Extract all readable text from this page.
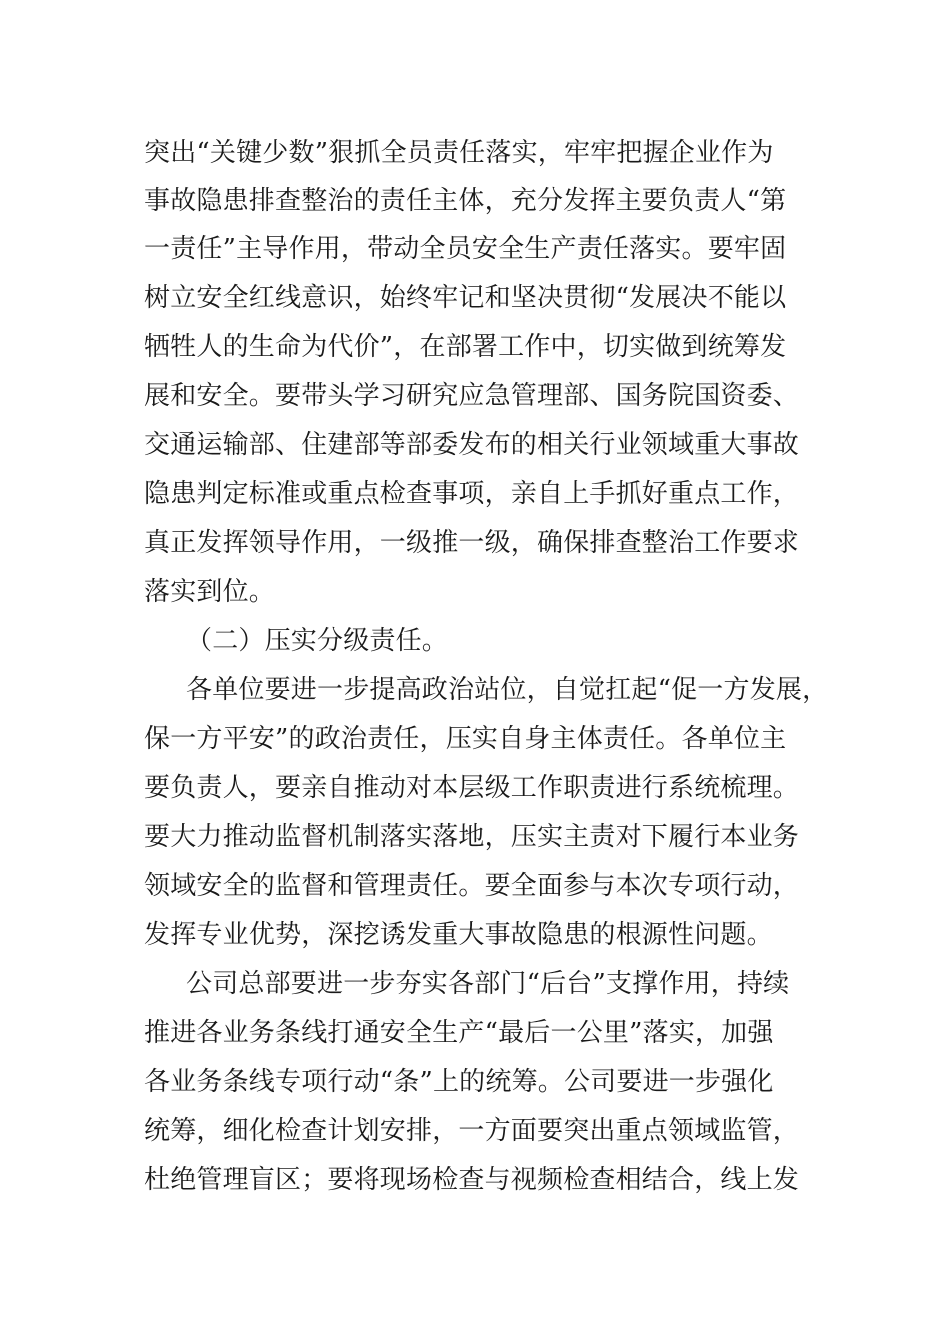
突出“关键少数”狠抓全员责任落实，牢牢把握企业作为
事故隐患排查整治的责任主体，充分发挥主要负责人“第
一责任”主导作用，带动全员安全生产责任落实。要牢固
树立安全红线意识，始终牢记和坚决贯彻“发展决不能以
牺牲人的生命为代价”，在部署工作中，切实做到统筹发
展和安全。要带头学习研究应急管理部、国务院国资委、
交通运输部、住建部等部委发布的相关行业领域重大事故
隐患判定标准或重点检查事项，亲自上手抓好重点工作，
真正发挥领导作用，一级推一级，确保排查整治工作要求
落实到位。
（二）压实分级责任。
各单位要进一步提高政治站位，自觉扛起“促一方发展，
保一方平安”的政治责任，压实自身主体责任。各单位主
要负责人，要亲自推动对本层级工作职责进行系统梳理。
要大力推动监督机制落实落地，压实主责对下履行本业务
领域安全的监督和管理责任。要全面参与本次专项行动，
发挥专业优势，深挖诱发重大事故隐患的根源性问题。
公司总部要进一步夯实各部门“后台”支撑作用，持续
推进各业务条线打通安全生产“最后一公里”落实，加强
各业务条线专项行动“条”上的统筹。公司要进一步强化
统筹，细化检查计划安排，一方面要突出重点领域监管，
杜绝管理盲区；要将现场检查与视频检查相结合，线上发
